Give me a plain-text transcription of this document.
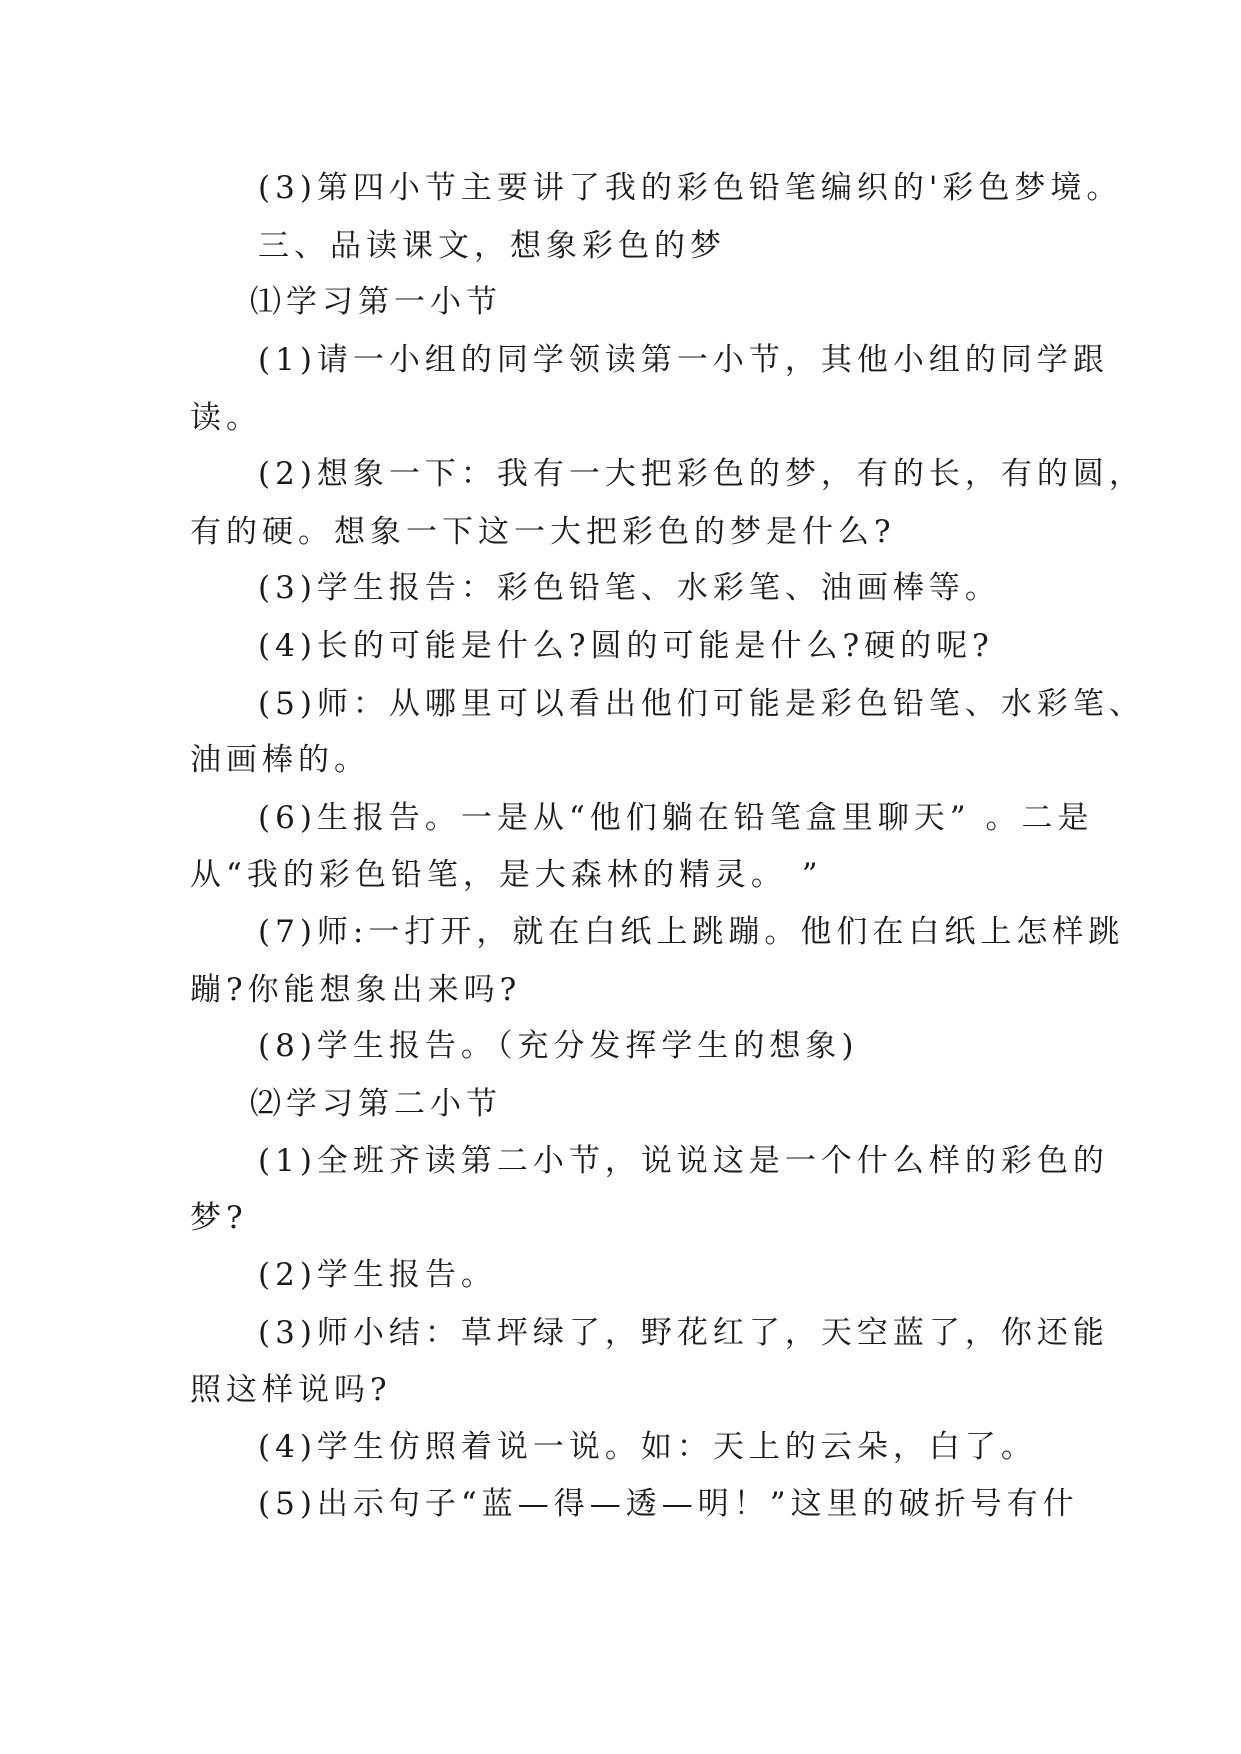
(3)第四小节主要讲了我的彩色铅笔编织的'彩色梦境。
三、品读课文，想象彩色的梦
⑴学习第一小节
(1)请一小组的同学领读第一小节，其他小组的同学跟
读。
(2)想象一下：我有一大把彩色的梦，有的长，有的圆，
有的硬。想象一下这一大把彩色的梦是什么?
(3)学生报告：彩色铅笔、水彩笔、油画棒等。
(4)长的可能是什么?圆的可能是什么?硬的呢?
(5)师：从哪里可以看出他们可能是彩色铅笔、水彩笔、
油画棒的。
(6)生报告。一是从“他们躺在铅笔盒里聊天” 。二是
从“我的彩色铅笔，是大森林的精灵。 ”
(7)师:一打开，就在白纸上跳蹦。他们在白纸上怎样跳
蹦?你能想象出来吗?
(8)学生报告。（充分发挥学生的想象)
⑵学习第二小节
(1)全班齐读第二小节，说说这是一个什么样的彩色的
梦?
(2)学生报告。
(3)师小结：草坪绿了，野花红了，天空蓝了，你还能
照这样说吗?
(4)学生仿照着说一说。如：天上的云朵，白了。
(5)出示句子“蓝—得—透—明！”这里的破折号有什
